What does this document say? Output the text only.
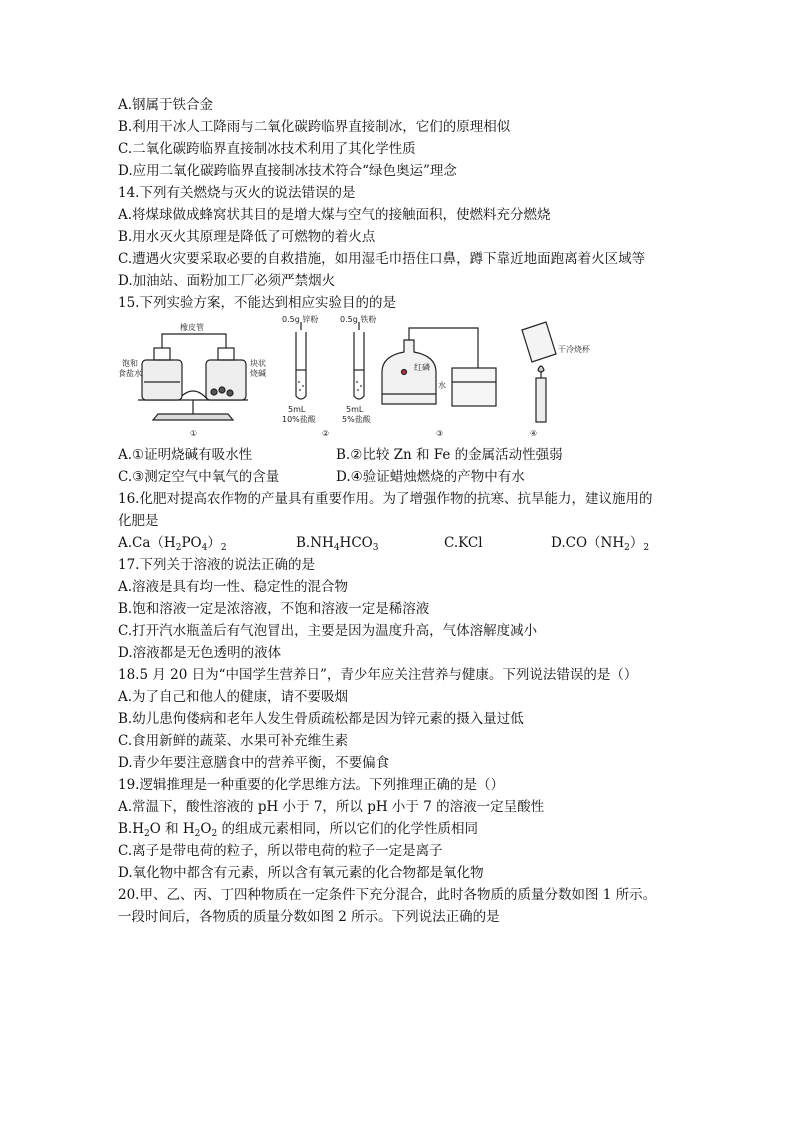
A.钢属于铁合金
B.利用干冰人工降雨与二氧化碳跨临界直接制冰，它们的原理相似
C.二氧化碳跨临界直接制冰技术利用了其化学性质
D.应用二氧化碳跨临界直接制冰技术符合“绿色奥运”理念
14.下列有关燃烧与灭火的说法错误的是
A.将煤球做成蜂窝状其目的是增大煤与空气的接触面积，使燃料充分燃烧
B.用水灭火其原理是降低了可燃物的着火点
C.遭遇火灾要采取必要的自救措施，如用湿毛巾捂住口鼻，蹲下靠近地面跑离着火区域等
D.加油站、面粉加工厂必须严禁烟火
15.下列实验方案，不能达到相应实验目的的是
橡皮管
饱和
食盐水
块状
烧碱
①
0.5g 锌粉	0.5g 铁粉
5mL
10%盐酸
5mL
5%盐酸
②
红磷
水
③
干冷烧杯
④
A.①证明烧碱有吸水性	B.②比较 Zn 和 Fe 的金属活动性强弱
C.③测定空气中氧气的含量	D.④验证蜡烛燃烧的产物中有水
16.化肥对提高农作物的产量具有重要作用。为了增强作物的抗寒、抗旱能力，建议施用的
化肥是
$A.Ca(H_2PO_4)_2$	$B.NH_4HCO_3$	C.KCl	$D.CO(NH_2)_2$
17.下列关于溶液的说法正确的是
A.溶液是具有均一性、稳定性的混合物
B.饱和溶液一定是浓溶液，不饱和溶液一定是稀溶液
C.打开汽水瓶盖后有气泡冒出，主要是因为温度升高，气体溶解度减小
D.溶液都是无色透明的液体
18.5 月 20 日为“中国学生营养日”，青少年应关注营养与健康。下列说法错误的是（）
A.为了自己和他人的健康，请不要吸烟
B.幼儿患佝偻病和老年人发生骨质疏松都是因为锌元素的摄入量过低
C.食用新鲜的蔬菜、水果可补充维生素
D.青少年要注意膳食中的营养平衡，不要偏食
19.逻辑推理是一种重要的化学思维方法。下列推理正确的是（）
A.常温下，酸性溶液的 pH 小于 7，所以 pH 小于 7 的溶液一定呈酸性
$B.H_2O$ 和 $H_2O_2$ 的组成元素相同，所以它们的化学性质相同
C.离子是带电荷的粒子，所以带电荷的粒子一定是离子
D.氧化物中都含有元素，所以含有氧元素的化合物都是氧化物
20.甲、乙、丙、丁四种物质在一定条件下充分混合，此时各物质的质量分数如图 1 所示。
一段时间后，各物质的质量分数如图 2 所示。下列说法正确的是
